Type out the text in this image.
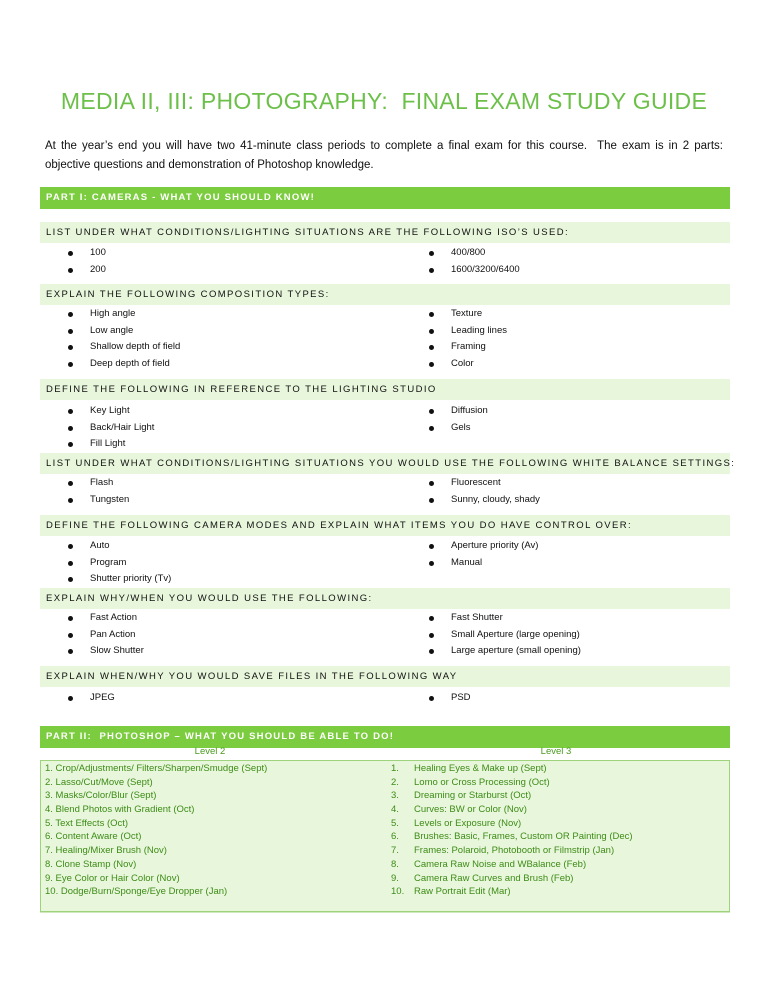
MEDIA II, III: PHOTOGRAPHY:  FINAL EXAM STUDY GUIDE
At the year’s end you will have two 41-minute class periods to complete a final exam for this course.  The exam is in 2 parts: objective questions and demonstration of Photoshop knowledge.
PART I: CAMERAS - WHAT YOU SHOULD KNOW!
LIST UNDER WHAT CONDITIONS/LIGHTING SITUATIONS ARE THE FOLLOWING ISO’S USED:
100
200
400/800
1600/3200/6400
EXPLAIN THE FOLLOWING COMPOSITION TYPES:
High angle
Low angle
Shallow depth of field
Deep depth of field
Texture
Leading lines
Framing
Color
DEFINE THE FOLLOWING IN REFERENCE TO THE LIGHTING STUDIO
Key Light
Back/Hair Light
Fill Light
Diffusion
Gels
LIST UNDER WHAT CONDITIONS/LIGHTING SITUATIONS YOU WOULD USE THE FOLLOWING WHITE BALANCE SETTINGS:
Flash
Tungsten
Fluorescent
Sunny, cloudy, shady
DEFINE THE FOLLOWING CAMERA MODES AND EXPLAIN WHAT ITEMS YOU DO HAVE CONTROL OVER:
Auto
Program
Shutter priority (Tv)
Aperture priority (Av)
Manual
EXPLAIN WHY/WHEN YOU WOULD USE THE FOLLOWING:
Fast Action
Pan Action
Slow Shutter
Fast Shutter
Small Aperture (large opening)
Large aperture (small opening)
EXPLAIN WHEN/WHY YOU WOULD SAVE FILES IN THE FOLLOWING WAY
JPEG	PSD
PART II:  PHOTOSHOP – WHAT YOU SHOULD BE ABLE TO DO!
Level 2	Level 3
1. Crop/Adjustments/ Filters/Sharpen/Smudge (Sept)
2. Lasso/Cut/Move (Sept)
3. Masks/Color/Blur (Sept)
4. Blend Photos with Gradient (Oct)
5. Text Effects (Oct)
6. Content Aware (Oct)
7. Healing/Mixer Brush (Nov)
8. Clone Stamp (Nov)
9. Eye Color or Hair Color (Nov)
10. Dodge/Burn/Sponge/Eye Dropper (Jan)
1. Healing Eyes & Make up (Sept)
2. Lomo or Cross Processing (Oct)
3. Dreaming or Starburst (Oct)
4. Curves: BW or Color (Nov)
5. Levels or Exposure (Nov)
6. Brushes: Basic, Frames, Custom OR Painting (Dec)
7. Frames: Polaroid, Photobooth or Filmstrip (Jan)
8. Camera Raw Noise and WBalance (Feb)
9. Camera Raw Curves and Brush (Feb)
10. Raw Portrait Edit (Mar)
